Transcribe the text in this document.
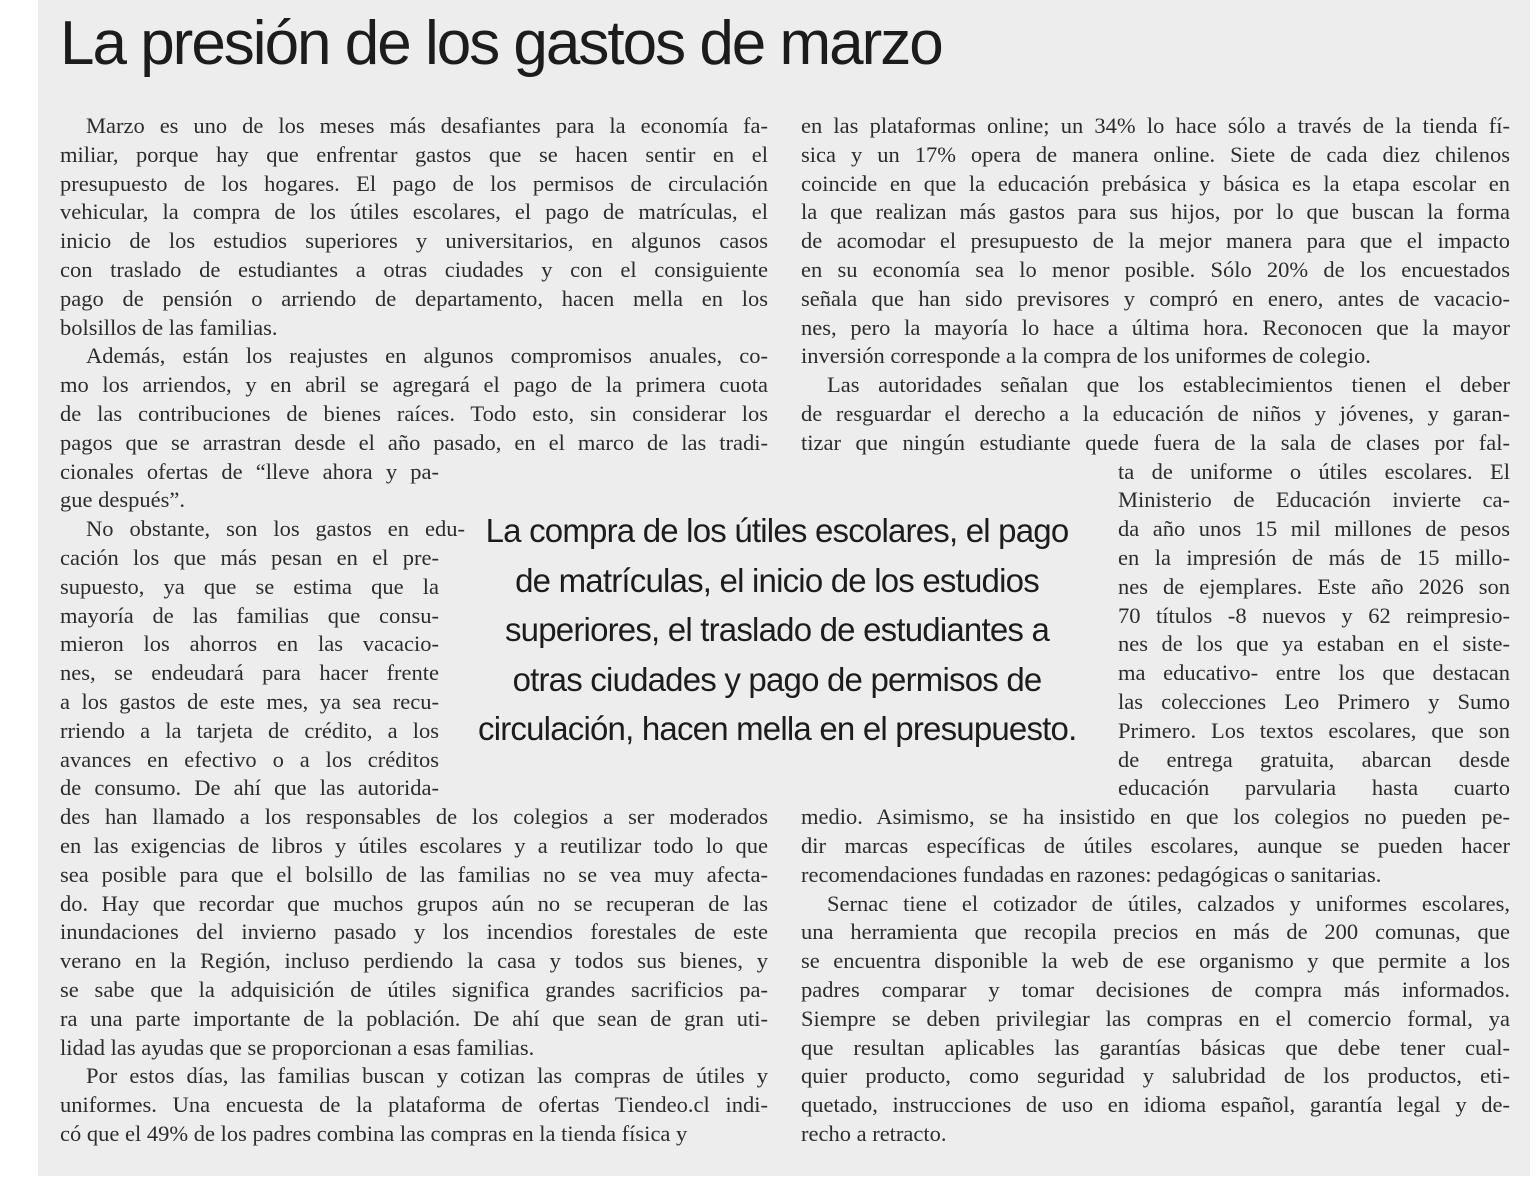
La presión de los gastos de marzo
Marzo es uno de los meses más desafiantes para la economía fa-
miliar, porque hay que enfrentar gastos que se hacen sentir en el
presupuesto de los hogares. El pago de los permisos de circulación
vehicular, la compra de los útiles escolares, el pago de matrículas, el
inicio de los estudios superiores y universitarios, en algunos casos
con traslado de estudiantes a otras ciudades y con el consiguiente
pago de pensión o arriendo de departamento, hacen mella en los
bolsillos de las familias.
Además, están los reajustes en algunos compromisos anuales, co-
mo los arriendos, y en abril se agregará el pago de la primera cuota
de las contribuciones de bienes raíces. Todo esto, sin considerar los
pagos que se arrastran desde el año pasado, en el marco de las tradi-
cionales ofertas de “lleve ahora y pa-
gue después”.
No obstante, son los gastos en edu-
cación los que más pesan en el pre-
supuesto, ya que se estima que la
mayoría de las familias que consu-
mieron los ahorros en las vacacio-
nes, se endeudará para hacer frente
a los gastos de este mes, ya sea recu-
rriendo a la tarjeta de crédito, a los
avances en efectivo o a los créditos
de consumo. De ahí que las autorida-
des han llamado a los responsables de los colegios a ser moderados
en las exigencias de libros y útiles escolares y a reutilizar todo lo que
sea posible para que el bolsillo de las familias no se vea muy afecta-
do. Hay que recordar que muchos grupos aún no se recuperan de las
inundaciones del invierno pasado y los incendios forestales de este
verano en la Región, incluso perdiendo la casa y todos sus bienes, y
se sabe que la adquisición de útiles significa grandes sacrificios pa-
ra una parte importante de la población. De ahí que sean de gran uti-
lidad las ayudas que se proporcionan a esas familias.
Por estos días, las familias buscan y cotizan las compras de útiles y
uniformes. Una encuesta de la plataforma de ofertas Tiendeo.cl indi-
có que el 49% de los padres combina las compras en la tienda física y
en las plataformas online; un 34% lo hace sólo a través de la tienda fí-
sica y un 17% opera de manera online. Siete de cada diez chilenos
coincide en que la educación prebásica y básica es la etapa escolar en
la que realizan más gastos para sus hijos, por lo que buscan la forma
de acomodar el presupuesto de la mejor manera para que el impacto
en su economía sea lo menor posible. Sólo 20% de los encuestados
señala que han sido previsores y compró en enero, antes de vacacio-
nes, pero la mayoría lo hace a última hora. Reconocen que la mayor
inversión corresponde a la compra de los uniformes de colegio.
Las autoridades señalan que los establecimientos tienen el deber
de resguardar el derecho a la educación de niños y jóvenes, y garan-
tizar que ningún estudiante quede fuera de la sala de clases por fal-
ta de uniforme o útiles escolares. El
Ministerio de Educación invierte ca-
da año unos 15 mil millones de pesos
en la impresión de más de 15 millo-
nes de ejemplares. Este año 2026 son
70 títulos -8 nuevos y 62 reimpresio-
nes de los que ya estaban en el siste-
ma educativo- entre los que destacan
las colecciones Leo Primero y Sumo
Primero. Los textos escolares, que son
de entrega gratuita, abarcan desde
educación parvularia hasta cuarto
medio. Asimismo, se ha insistido en que los colegios no pueden pe-
dir marcas específicas de útiles escolares, aunque se pueden hacer
recomendaciones fundadas en razones: pedagógicas o sanitarias.
Sernac tiene el cotizador de útiles, calzados y uniformes escolares,
una herramienta que recopila precios en más de 200 comunas, que
se encuentra disponible la web de ese organismo y que permite a los
padres comparar y tomar decisiones de compra más informados.
Siempre se deben privilegiar las compras en el comercio formal, ya
que resultan aplicables las garantías básicas que debe tener cual-
quier producto, como seguridad y salubridad de los productos, eti-
quetado, instrucciones de uso en idioma español, garantía legal y de-
recho a retracto.
La compra de los útiles escolares, el pago
de matrículas, el inicio de los estudios
superiores, el traslado de estudiantes a
otras ciudades y pago de permisos de
circulación, hacen mella en el presupuesto.
